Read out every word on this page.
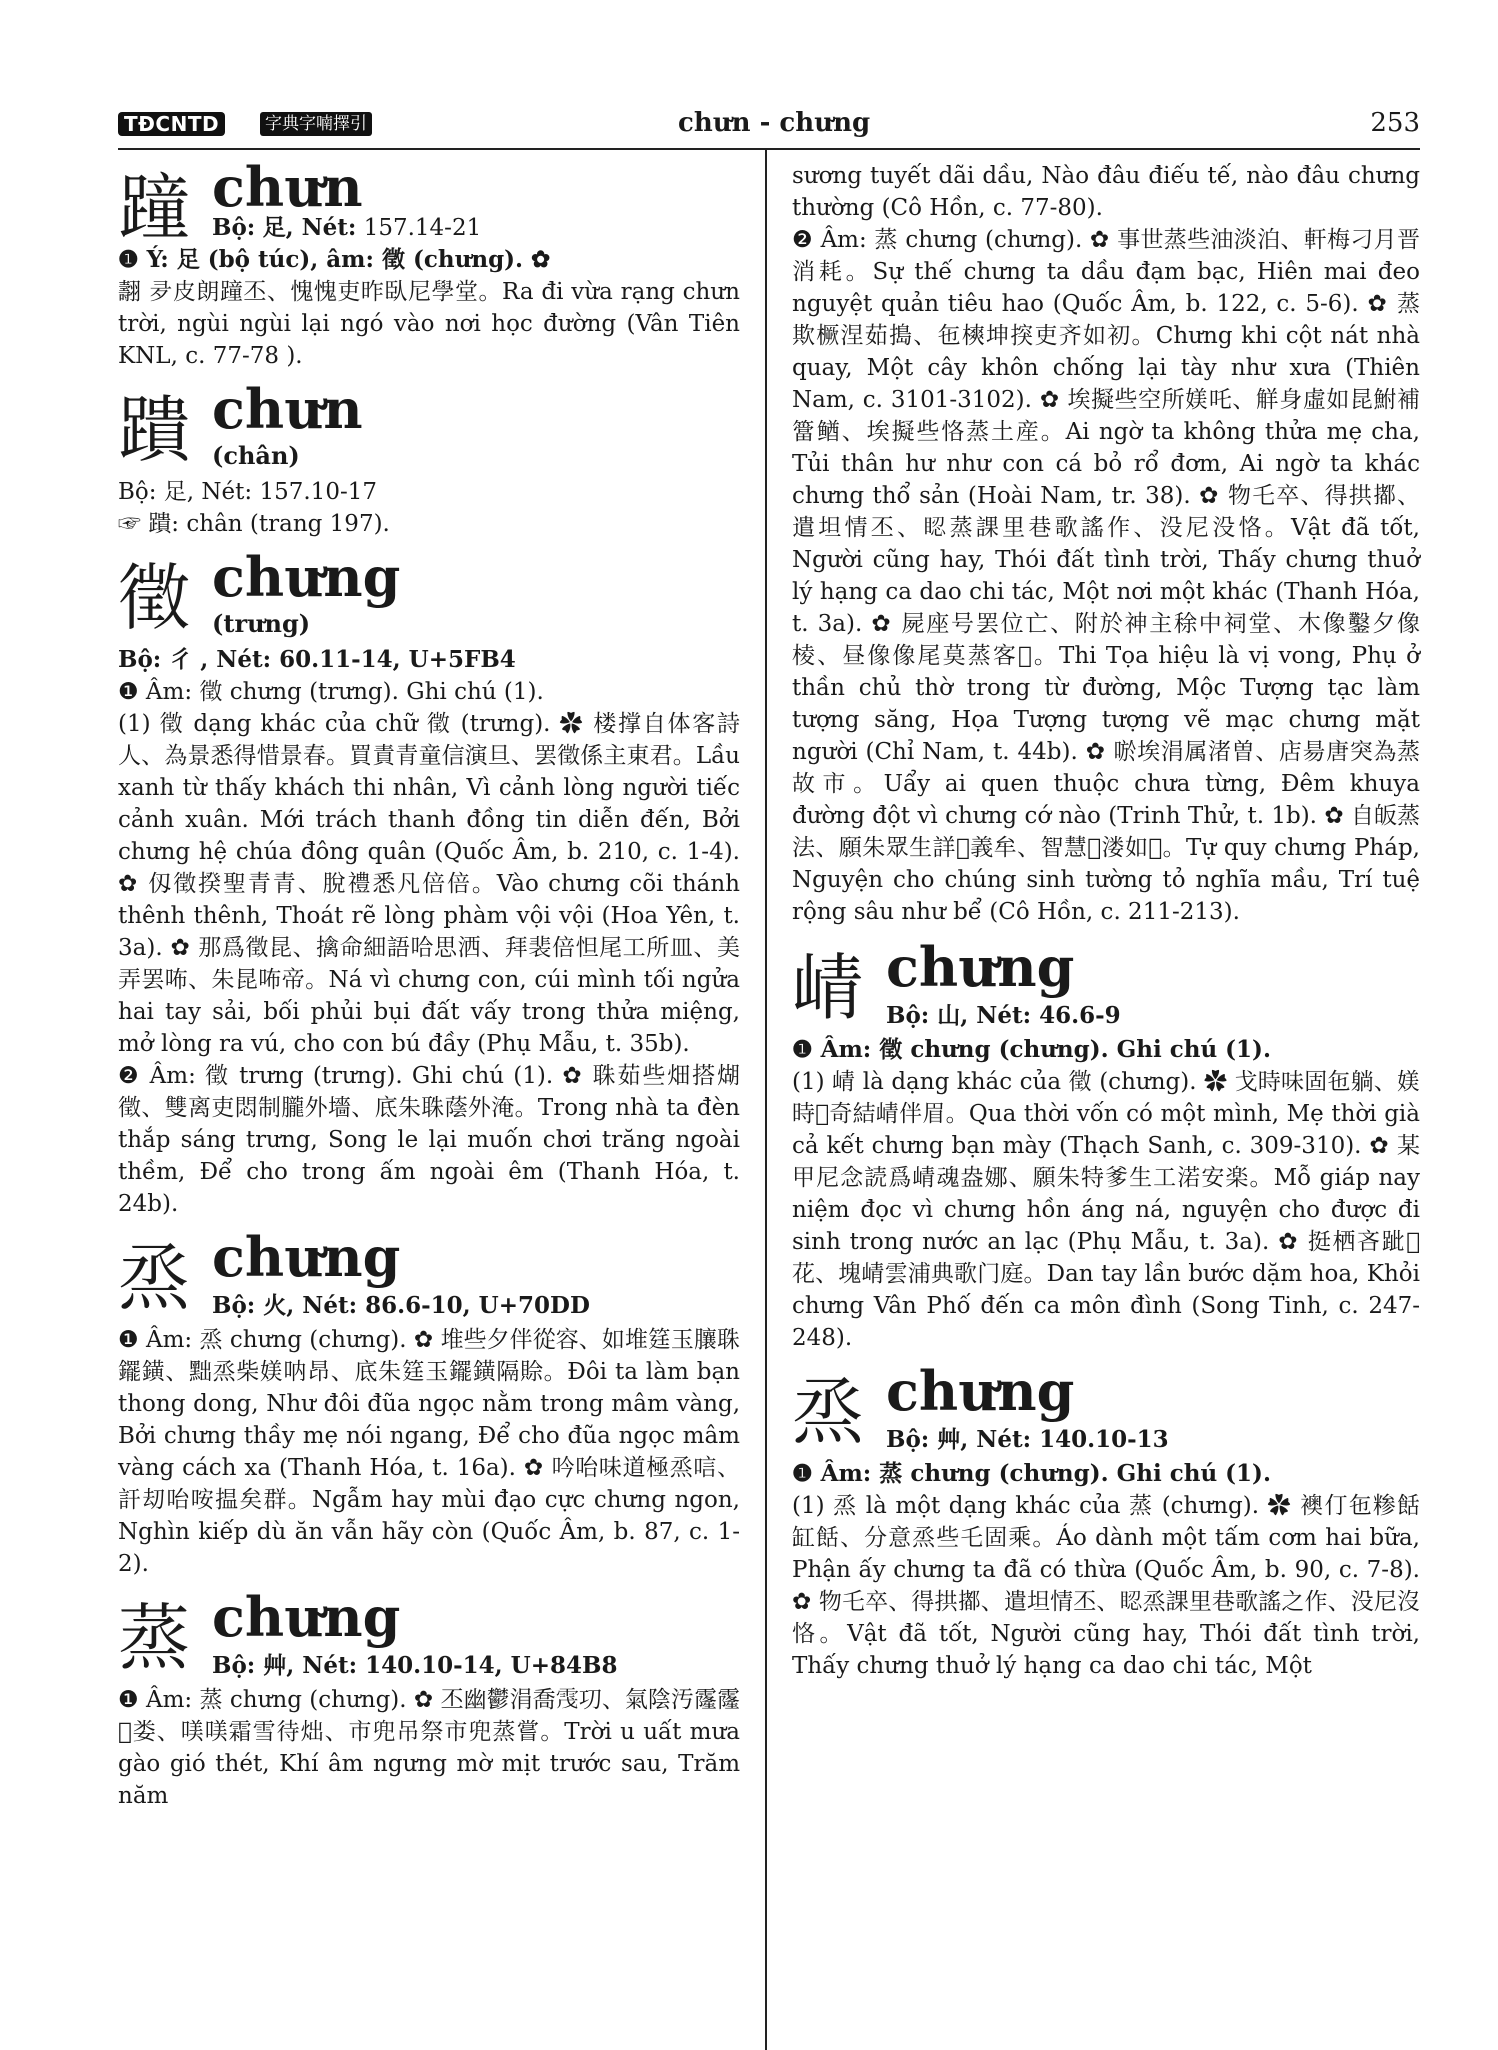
TĐCNTD	字典字喃擇引	chưn - chưng	253
蹱 chưn
Bộ: 足, Nét: 157.14-21

❶ Ý: 足 (bộ túc), âm: 徵 (chưng). ✿

翿 夛皮朗蹱丕、愧愧吏昨臥尼學堂。Ra đi vừa rạng chưn trời, ngùi ngùi lại ngó vào nơi học đường (Vân Tiên KNL, c. 77-78 ).

蹪 chưn
(chân)

Bộ: 足, Nét: 157.10-17

☞ 蹪: chân (trang 197).

徵 chưng
(trưng)

Bộ: 彳 , Nét: 60.11-14, U+5FB4

❶ Âm: 徵 chưng (trưng). Ghi chú (1).

(1) 徵 dạng khác của chữ 徵 (trưng). ✿ 楼撑自体客詩人、為景悉得惜景春。買責青童信演旦、罢徵係主東君。Lầu xanh từ thấy khách thi nhân, Vì cảnh lòng người tiếc cảnh xuân. Mới trách thanh đồng tin diễn đến, Bởi chưng hệ chúa đông quân (Quốc Âm, b. 210, c. 1-4). ✿ 仭徵揆聖青青、脫禮悉凡倍倍。Vào chưng cõi thánh thênh thênh, Thoát rẽ lòng phàm vội vội (Hoa Yên, t. 3a). ✿ 那爲徵昆、擒命細語哈思洒、拜裴倍怛尾工所皿、美弄罢咘、朱昆咘帝。Ná vì chưng con, cúi mình tối ngửa hai tay sải, bối phủi bụi đất vấy trong thửa miệng, mở lòng ra vú, cho con bú đầy (Phụ Mẫu, t. 35b).

❷ Âm: 徵 trưng (trưng). Ghi chú (1). ✿ 䎷茹些畑搭煳徵、雙离吏悶制朧外墻、底朱䎷蔭外淹。Trong nhà ta đèn thắp sáng trưng, Song le lại muốn chơi trăng ngoài thềm, Để cho trong ấm ngoài êm (Thanh Hóa, t. 24b).

烝 chưng
Bộ: 火, Nét: 86.6-10, U+70DD

❶ Âm: 烝 chưng (chưng). ✿ 堆些夕伴從容、如堆筳玉䑋䎷䥯鐄、黜烝柴媄呐昂、底朱筳玉䥯鐄隔賒。Đôi ta làm bạn thong dong, Như đôi đũa ngọc nằm trong mâm vàng, Bởi chưng thầy mẹ nói ngang, Để cho đũa ngọc mâm vàng cách xa (Thanh Hóa, t. 16a). ✿ 吟咍味道極烝唁、訐刧咍咹揾矣群。Ngẫm hay mùi đạo cực chưng ngon, Nghìn kiếp dù ăn vẫn hãy còn (Quốc Âm, b. 87, c. 1-2).

蒸 chưng
Bộ: 艸, Nét: 140.10-14, U+84B8

❶ Âm: 蒸 chưng (chưng). ✿ 丕幽鬱涓喬𩂟㓛、氣陰汚霳霳𩅹娄、𠸍𠸍霜雪待炪、市兜吊祭市兜蒸嘗。Trời u uất mưa gào gió thét, Khí âm ngưng mờ mịt trước sau, Trăm năm

sương tuyết dãi dầu, Nào đâu điếu tế, nào đâu chưng thường (Cô Hồn, c. 77-80).

❷ Âm: 蒸 chưng (chưng). ✿ 事世蒸些油淡泊、軒梅刁月晋消耗。Sự thế chưng ta dầu đạm bạc, Hiên mai đeo nguyệt quản tiêu hao (Quốc Âm, b. 122, c. 5-6). ✿ 蒸欺橛涅茹搗、㐌樉坤揬吏齐如初。Chưng khi cột nát nhà quay, Một cây khôn chống lại tày như xưa (Thiên Nam, c. 3101-3102). ✿ 埃擬些空所媄吒、觧身虛如昆鮒補簹䲡、埃擬些恪蒸土産。Ai ngờ ta không thửa mẹ cha, Tủi thân hư như con cá bỏ rổ đơm, Ai ngờ ta khác chưng thổ sản (Hoài Nam, tr. 38). ✿ 物乇卒、得拱𢵋、遣坦情丕、𥆾蒸課里巷歌謠作、没尼没恪。Vật đã tốt, Người cũng hay, Thói đất tình trời, Thấy chưng thuở lý hạng ca dao chi tác, Một nơi một khác (Thanh Hóa, t. 3a). ✿ 屍座号罢位亡、附於神主稌中祠堂、木像鑿夕像棱、昼像像尾莫蒸客𡢐。Thi Tọa hiệu là vị vong, Phụ ở thần chủ thờ trong từ đường, Mộc Tượng tạc làm tượng săng, Họa Tượng tượng vẽ mạc chưng mặt người (Chỉ Nam, t. 44b). ✿ 唹埃涓属渚曽、店昜唐突為蒸故市。Uẩy ai quen thuộc chưa từng, Đêm khuya đường đột vì chưng cớ nào (Trinh Thử, t. 1b). ✿ 自皈蒸法、願朱眾生詳𤇮義牟、智慧𣻆溇如𣷭。Tự quy chưng Pháp, Nguyện cho chúng sinh tường tỏ nghĩa mầu, Trí tuệ rộng sâu như bể (Cô Hồn, c. 211-213).

崝 chưng
Bộ: 山, Nét: 46.6-9

❶ Âm: 徵 chưng (chưng). Ghi chú (1).

(1) 崝 là dạng khác của 徵 (chưng). ✿ 戈時味固㐌躺、媄時𦓅奇結崝伴眉。Qua thời vốn có một mình, Mẹ thời già cả kết chưng bạn mày (Thạch Sanh, c. 309-310). ✿ 某甲尼念読爲崝魂盎娜、願朱特爹生工渃安楽。Mỗ giáp nay niệm đọc vì chưng hồn áng ná, nguyện cho được đi sinh trong nước an lạc (Phụ Mẫu, t. 3a). ✿ 挺栖吝跐𡏧花、塊崝雲浦典歌门庭。Dan tay lần bước dặm hoa, Khỏi chưng Vân Phố đến ca môn đình (Song Tinh, c. 247-248).

烝 chưng
Bộ: 艸, Nét: 140.10-13

❶ Âm: 蒸 chưng (chưng). Ghi chú (1).

(1) 烝 là một dạng khác của 蒸 (chưng). ✿ 襖仃㐌糁餂缸餂、分意烝些乇固乘。Áo dành một tấm cơm hai bữa, Phận ấy chưng ta đã có thừa (Quốc Âm, b. 90, c. 7-8). ✿ 物乇卒、得拱𢵋、遣坦情丕、𥆾烝課里巷歌謠之作、没尼沒恪。Vật đã tốt, Người cũng hay, Thói đất tình trời, Thấy chưng thuở lý hạng ca dao chi tác, Một
